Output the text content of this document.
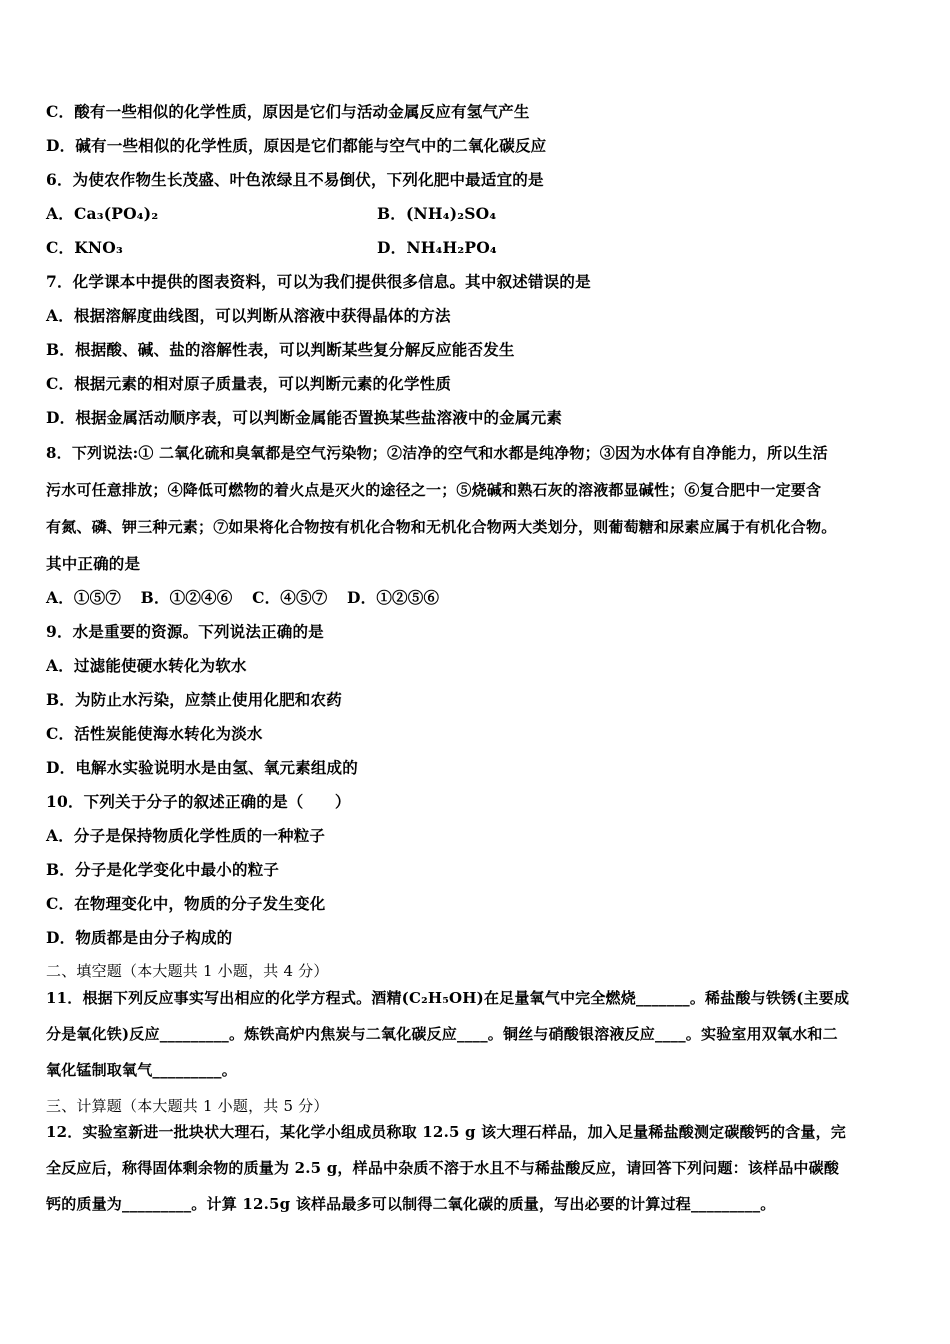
C．酸有一些相似的化学性质，原因是它们与活动金属反应有氢气产生
D．碱有一些相似的化学性质，原因是它们都能与空气中的二氧化碳反应
6．为使农作物生长茂盛、叶色浓绿且不易倒伏，下列化肥中最适宜的是
A．Ca₃(PO₄)₂	B．(NH₄)₂SO₄
C．KNO₃	D．NH₄H₂PO₄
7．化学课本中提供的图表资料，可以为我们提供很多信息。其中叙述错误的是
A．根据溶解度曲线图，可以判断从溶液中获得晶体的方法
B．根据酸、碱、盐的溶解性表，可以判断某些复分解反应能否发生
C．根据元素的相对原子质量表，可以判断元素的化学性质
D．根据金属活动顺序表，可以判断金属能否置换某些盐溶液中的金属元素
8．下列说法:① 二氧化硫和臭氧都是空气污染物；②洁净的空气和水都是纯净物；③因为水体有自净能力，所以生活
污水可任意排放；④降低可燃物的着火点是灭火的途径之一；⑤烧碱和熟石灰的溶液都显碱性；⑥复合肥中一定要含
有氮、磷、钾三种元素；⑦如果将化合物按有机化合物和无机化合物两大类划分，则葡萄糖和尿素应属于有机化合物。
其中正确的是
A．①⑤⑦ B．①②④⑥ C．④⑤⑦ D．①②⑤⑥
9．水是重要的资源。下列说法正确的是
A．过滤能使硬水转化为软水
B．为防止水污染，应禁止使用化肥和农药
C．活性炭能使海水转化为淡水
D．电解水实验说明水是由氢、氧元素组成的
10．下列关于分子的叙述正确的是（　　）
A．分子是保持物质化学性质的一种粒子
B．分子是化学变化中最小的粒子
C．在物理变化中，物质的分子发生变化
D．物质都是由分子构成的
二、填空题（本大题共 1 小题，共 4 分）
11．根据下列反应事实写出相应的化学方程式。酒精(C₂H₅OH)在足量氧气中完全燃烧_______。稀盐酸与铁锈(主要成
分是氧化铁)反应_________。炼铁高炉内焦炭与二氧化碳反应____。铜丝与硝酸银溶液反应____。实验室用双氧水和二
氧化锰制取氧气_________。
三、计算题（本大题共 1 小题，共 5 分）
12．实验室新进一批块状大理石，某化学小组成员称取 12.5 g 该大理石样品，加入足量稀盐酸测定碳酸钙的含量，完
全反应后，称得固体剩余物的质量为 2.5 g，样品中杂质不溶于水且不与稀盐酸反应，请回答下列问题：该样品中碳酸
钙的质量为_________。计算 12.5g 该样品最多可以制得二氧化碳的质量，写出必要的计算过程_________。
